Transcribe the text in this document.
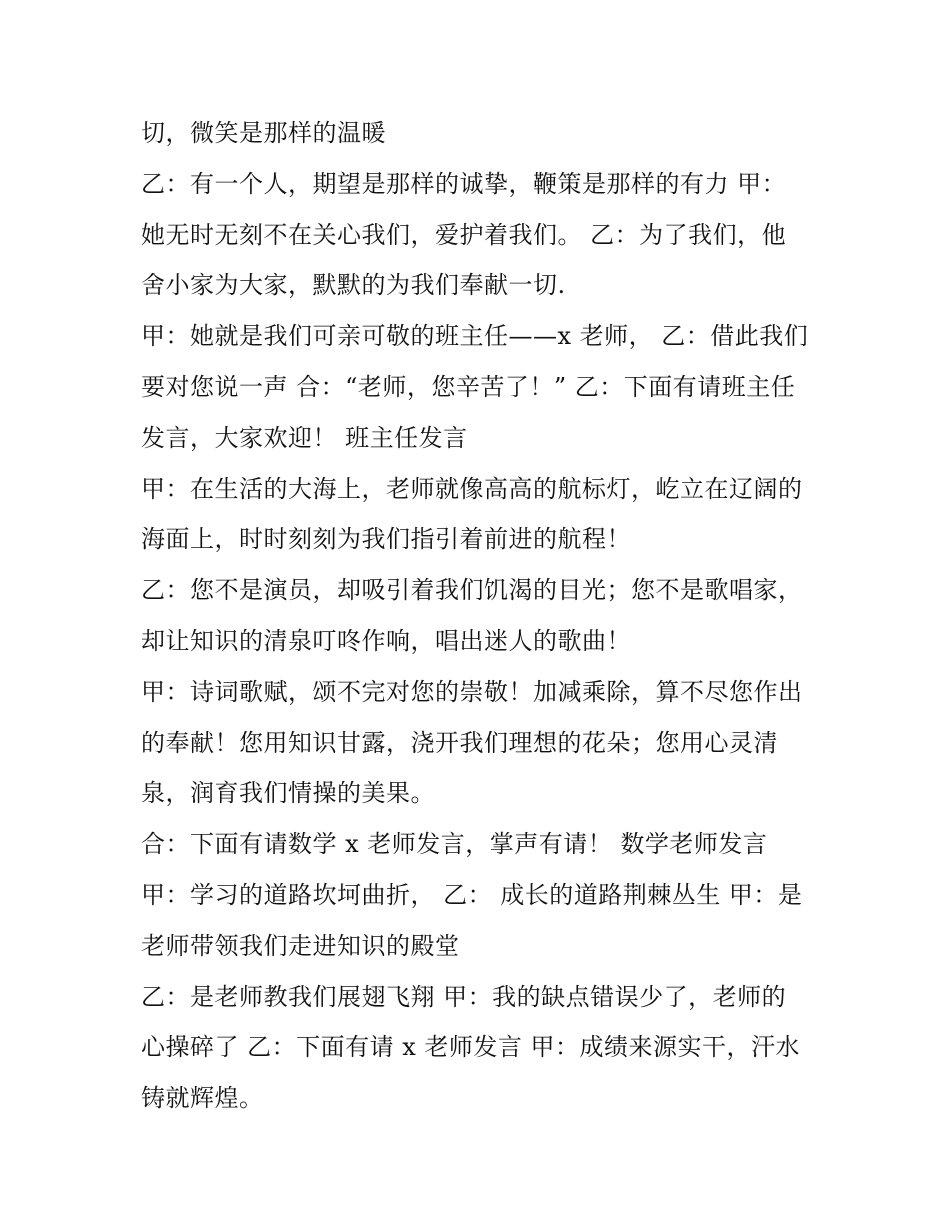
切，微笑是那样的温暖
乙：有一个人，期望是那样的诚挚，鞭策是那样的有力 甲：
她无时无刻不在关心我们，爱护着我们。 乙：为了我们，他
舍小家为大家，默默的为我们奉献一切.
甲：她就是我们可亲可敬的班主任——x 老师， 乙：借此我们
要对您说一声 合：“老师，您辛苦了！” 乙：下面有请班主任
发言，大家欢迎！ 班主任发言
甲：在生活的大海上，老师就像高高的航标灯，屹立在辽阔的
海面上，时时刻刻为我们指引着前进的航程！
乙：您不是演员，却吸引着我们饥渴的目光；您不是歌唱家，
却让知识的清泉叮咚作响，唱出迷人的歌曲！
甲：诗词歌赋，颂不完对您的崇敬！加减乘除，算不尽您作出
的奉献！您用知识甘露，浇开我们理想的花朵；您用心灵清
泉，润育我们情操的美果。
合：下面有请数学 x 老师发言，掌声有请！ 数学老师发言
甲：学习的道路坎坷曲折， 乙： 成长的道路荆棘丛生 甲：是
老师带领我们走进知识的殿堂
乙：是老师教我们展翅飞翔 甲：我的缺点错误少了，老师的
心操碎了 乙：下面有请 x 老师发言 甲：成绩来源实干，汗水
铸就辉煌。
